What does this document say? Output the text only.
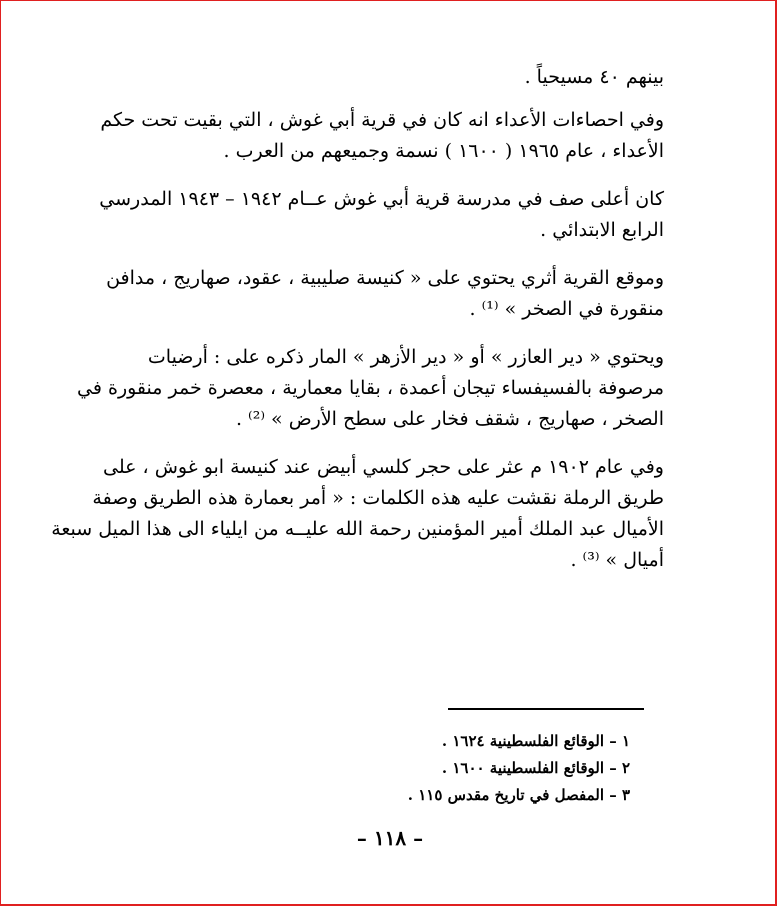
بينهم ٤٠ مسيحياً .

وفي احصاءات الأعداء انه كان في قرية أبي غوش ، التي بقيت تحت حكم
الأعداء ، عام ١٩٦٥ ( ١٦٠٠ ) نسمة وجميعهم من العرب .

كان أعلى صف في مدرسة قرية أبي غوش عــام ١٩٤٢ – ١٩٤٣ المدرسي
الرابع الابتدائي .

وموقع القرية أثري يحتوي على « كنيسة صليبية ، عقود، صهاريج ، مدافن
منقورة في الصخر » ⁽¹⁾ .

ويحتوي « دير العازر » أو « دير الأزهر » المار ذكره على : أرضيات
مرصوفة بالفسيفساء تيجان أعمدة ، بقايا معمارية ، معصرة خمر منقورة في
الصخر ، صهاريج ، شقف فخار على سطح الأرض » ⁽²⁾ .

وفي عام ١٩٠٢ م عثر على حجر كلسي أبيض عند كنيسة ابو غوش ، على
طريق الرملة نقشت عليه هذه الكلمات : « أمر بعمارة هذه الطريق وصفة
الأميال عبد الملك أمير المؤمنين رحمة الله عليــه من ايلياء الى هذا الميل سبعة
أميال » ⁽³⁾ .

١ – الوقائع الفلسطينية ١٦٢٤ .
٢ – الوقائع الفلسطينية ١٦٠٠ .
٣ – المفصل في تاريخ مقدس ١١٥ .
– ١١٨ –
